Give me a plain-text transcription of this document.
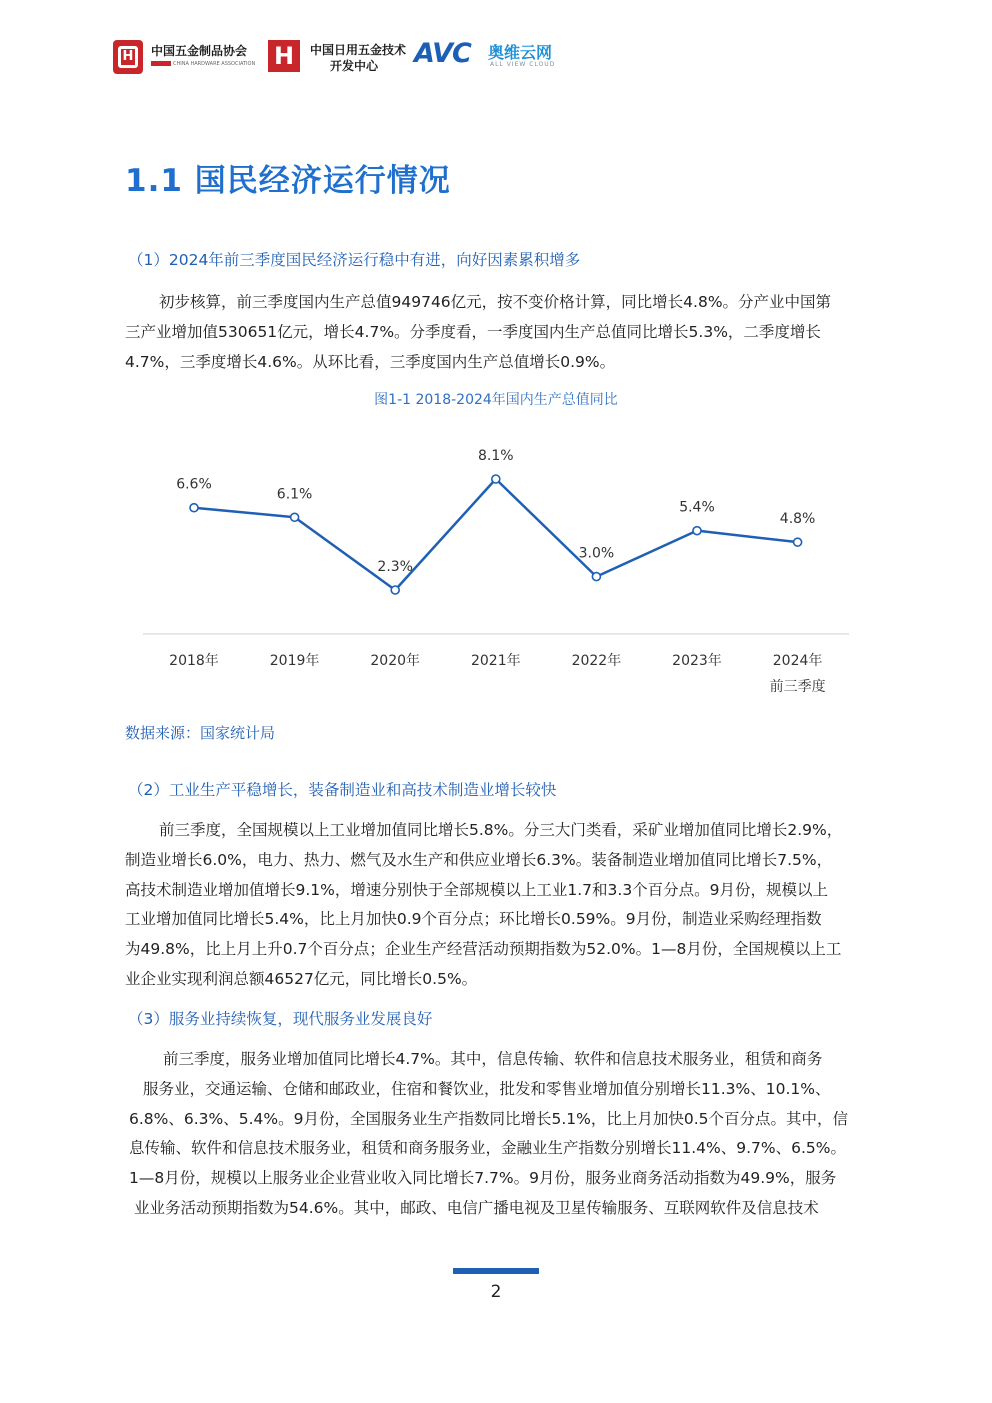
H	中国五金制品协会
CHINA HARDWARE ASSOCIATION H	中国日用五金技术
开发中心 AVC 奥维云网
ALL VIEW CLOUD
1.1 国民经济运行情况
（1）2024年前三季度国民经济运行稳中有进，向好因素累积增多
初步核算，前三季度国内生产总值949746亿元，按不变价格计算，同比增长4.8%。分产业中国第
三产业增加值530651亿元，增长4.7%。分季度看，一季度国内生产总值同比增长5.3%，二季度增长
4.7%，三季度增长4.6%。从环比看，三季度国内生产总值增长0.9%。
图1-1 2018-2024年国内生产总值同比
6.6%
2018年
6.1%
2019年
2.3%
2020年
8.1%
2021年
3.0%
2022年
5.4%
2023年
4.8%
2024年
前三季度
数据来源：国家统计局
（2）工业生产平稳增长，装备制造业和高技术制造业增长较快
前三季度，全国规模以上工业增加值同比增长5.8%。分三大门类看，采矿业增加值同比增长2.9%，
制造业增长6.0%，电力、热力、燃气及水生产和供应业增长6.3%。装备制造业增加值同比增长7.5%，
高技术制造业增加值增长9.1%，增速分别快于全部规模以上工业1.7和3.3个百分点。9月份，规模以上
工业增加值同比增长5.4%，比上月加快0.9个百分点；环比增长0.59%。9月份，制造业采购经理指数
为49.8%，比上月上升0.7个百分点；企业生产经营活动预期指数为52.0%。1—8月份，全国规模以上工
业企业实现利润总额46527亿元，同比增长0.5%。
（3）服务业持续恢复，现代服务业发展良好
前三季度，服务业增加值同比增长4.7%。其中，信息传输、软件和信息技术服务业，租赁和商务
服务业，交通运输、仓储和邮政业，住宿和餐饮业，批发和零售业增加值分别增长11.3%、10.1%、
6.8%、6.3%、5.4%。9月份，全国服务业生产指数同比增长5.1%，比上月加快0.5个百分点。其中，信
息传输、软件和信息技术服务业，租赁和商务服务业，金融业生产指数分别增长11.4%、9.7%、6.5%。
1—8月份，规模以上服务业企业营业收入同比增长7.7%。9月份，服务业商务活动指数为49.9%，服务
业业务活动预期指数为54.6%。其中，邮政、电信广播电视及卫星传输服务、互联网软件及信息技术
2
